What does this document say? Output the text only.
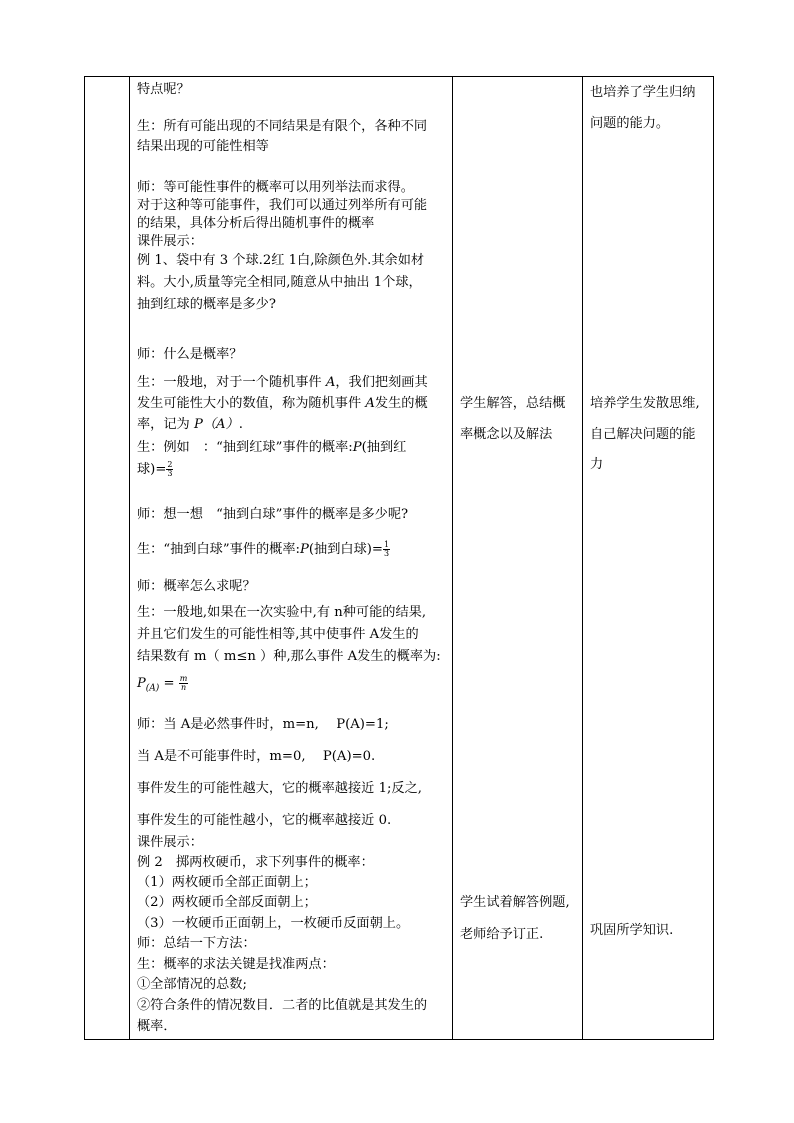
特点呢？
生：所有可能出现的不同结果是有限个，各种不同
结果出现的可能性相等
师：等可能性事件的概率可以用列举法而求得。
对于这种等可能事件，我们可以通过列举所有可能
的结果，具体分析后得出随机事件的概率
课件展示：
例 1、袋中有 3 个球.2红 1白,除颜色外.其余如材
料。大小,质量等完全相同,随意从中抽出 1个球，
抽到红球的概率是多少?
师：什么是概率？
生：一般地，对于一个随机事件 A，我们把刻画其
发生可能性大小的数值，称为随机事件 A发生的概
率，记为 P（A）.
生：例如　：“抽到红球”事件的概率:P(抽到红
球)= $\frac{2}{3}$
师：想一想　“抽到白球”事件的概率是多少呢?
生：“抽到白球”事件的概率:P(抽到白球)= $\frac{1}{3}$
师：概率怎么求呢？
生：一般地,如果在一次实验中,有 n种可能的结果,
并且它们发生的可能性相等,其中使事件 A发生的
结果数有 m（ m≤n ）种,那么事件 A发生的概率为:
$P_{(A)} = \frac{m}{n}$
师：当 A是必然事件时，m=n,　 P(A)=1;
当 A是不可能事件时，m=0,　 P(A)=0.
事件发生的可能性越大，它的概率越接近 1;反之,
事件发生的可能性越小，它的概率越接近 0.
课件展示：
例 2　掷两枚硬币，求下列事件的概率：
（1）两枚硬币全部正面朝上；
（2）两枚硬币全部反面朝上；
（3）一枚硬币正面朝上，一枚硬币反面朝上。
师：总结一下方法：
生：概率的求法关键是找准两点：
①全部情况的总数;
②符合条件的情况数目．二者的比值就是其发生的
概率．

学生解答，总结概
率概念以及解法
学生试着解答例题,
老师给予订正.

也培养了学生归纳
问题的能力。
培养学生发散思维,
自己解决问题的能
力
巩固所学知识.
